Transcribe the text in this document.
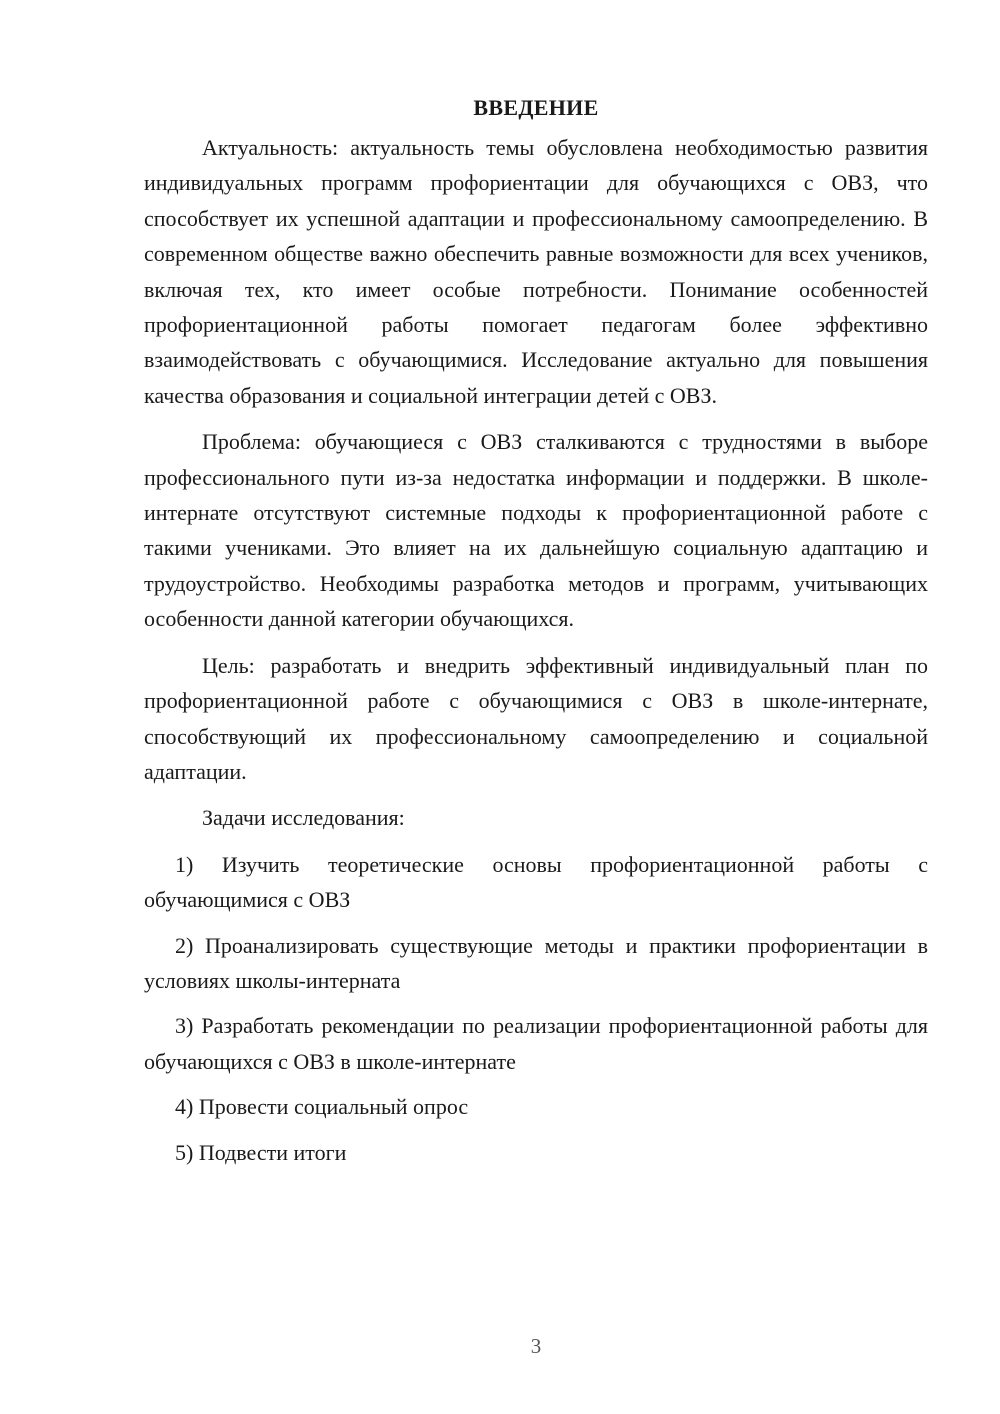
ВВЕДЕНИЕ

Актуальность: актуальность темы обусловлена необходимостью развития индивидуальных программ профориентации для обучающихся с ОВЗ, что способствует их успешной адаптации и профессиональному самоопределению. В современном обществе важно обеспечить равные возможности для всех учеников, включая тех, кто имеет особые потребности. Понимание особенностей профориентационной работы помогает педагогам более эффективно взаимодействовать с обучающимися. Исследование актуально для повышения качества образования и социальной интеграции детей с ОВЗ.

Проблема: обучающиеся с ОВЗ сталкиваются с трудностями в выборе профессионального пути из-за недостатка информации и поддержки. В школе-интернате отсутствуют системные подходы к профориентационной работе с такими учениками. Это влияет на их дальнейшую социальную адаптацию и трудоустройство. Необходимы разработка методов и программ, учитывающих особенности данной категории обучающихся.

Цель: разработать и внедрить эффективный индивидуальный план по профориентационной работе с обучающимися с ОВЗ в школе-интернате, способствующий их профессиональному самоопределению и социальной адаптации.

Задачи исследования:

1) Изучить теоретические основы профориентационной работы с обучающимися с ОВЗ

2) Проанализировать существующие методы и практики профориентации в условиях школы-интерната

3) Разработать рекомендации по реализации профориентационной работы для обучающихся с ОВЗ в школе-интернате

4) Провести социальный опрос

5) Подвести итоги

3
